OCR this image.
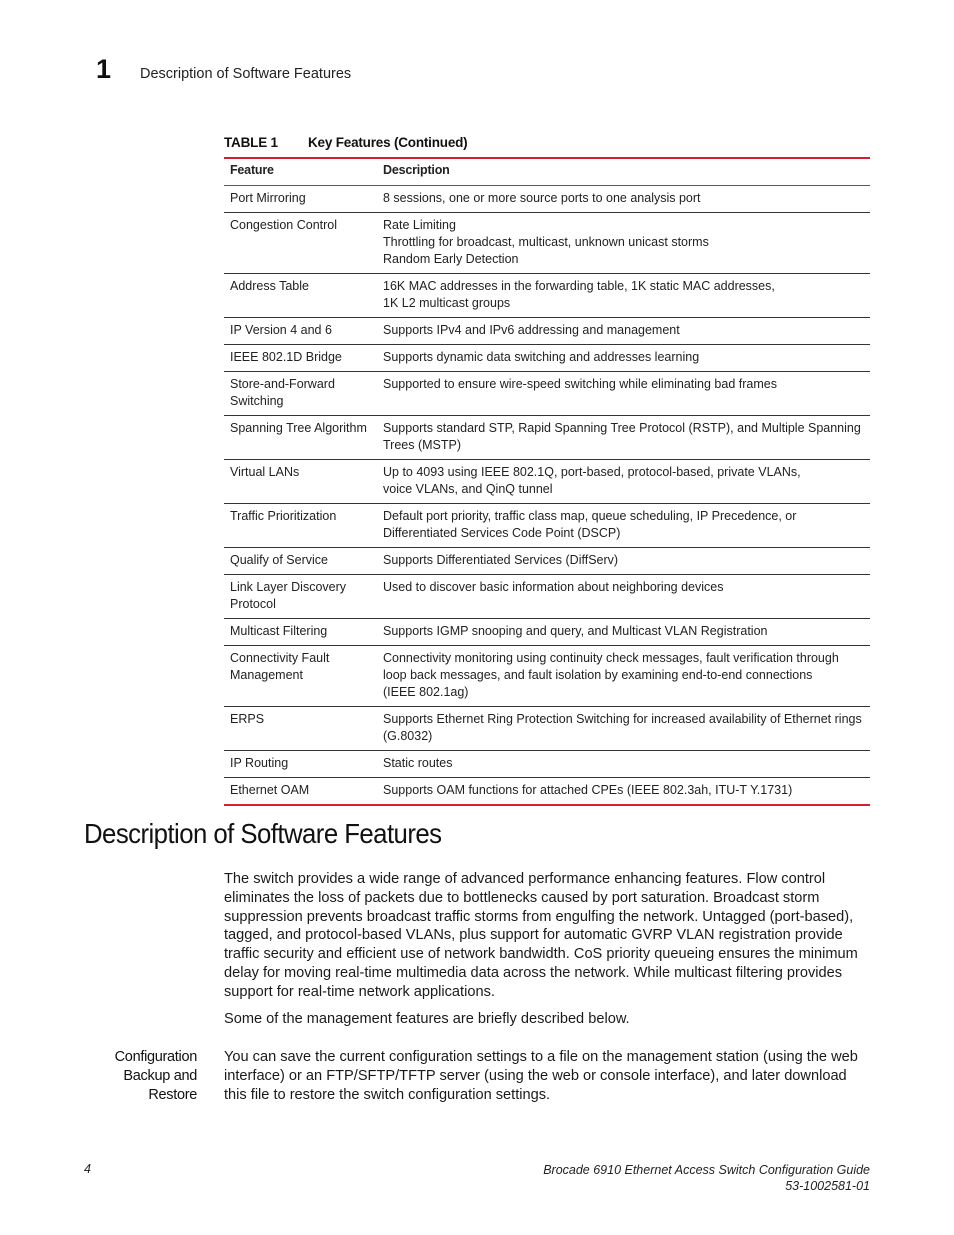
1 Description of Software Features
TABLE 1 Key Features (Continued)
Feature	Description
Port Mirroring	8 sessions, one or more source ports to one analysis port

Congestion Control	Rate Limiting
Throttling for broadcast, multicast, unknown unicast storms
Random Early Detection

Address Table	16K MAC addresses in the forwarding table, 1K static MAC addresses,
1K L2 multicast groups

IP Version 4 and 6	Supports IPv4 and IPv6 addressing and management

IEEE 802.1D Bridge	Supports dynamic data switching and addresses learning

Store-and-Forward Switching	Supported to ensure wire-speed switching while eliminating bad frames

Spanning Tree Algorithm	Supports standard STP, Rapid Spanning Tree Protocol (RSTP), and Multiple Spanning Trees (MSTP)

Virtual LANs	Up to 4093 using IEEE 802.1Q, port-based, protocol-based, private VLANs,
voice VLANs, and QinQ tunnel

Traffic Prioritization	Default port priority, traffic class map, queue scheduling, IP Precedence, or Differentiated Services Code Point (DSCP)

Qualify of Service	Supports Differentiated Services (DiffServ)

Link Layer Discovery Protocol	Used to discover basic information about neighboring devices

Multicast Filtering	Supports IGMP snooping and query, and Multicast VLAN Registration

Connectivity Fault Management	Connectivity monitoring using continuity check messages, fault verification through loop back messages, and fault isolation by examining end-to-end connections
(IEEE 802.1ag)

ERPS	Supports Ethernet Ring Protection Switching for increased availability of Ethernet rings (G.8032)

IP Routing	Static routes

Ethernet OAM	Supports OAM functions for attached CPEs (IEEE 802.3ah, ITU-T Y.1731)
Description of Software Features

The switch provides a wide range of advanced performance enhancing features. Flow control eliminates the loss of packets due to bottlenecks caused by port saturation. Broadcast storm suppression prevents broadcast traffic storms from engulfing the network. Untagged (port-based), tagged, and protocol-based VLANs, plus support for automatic GVRP VLAN registration provide traffic security and efficient use of network bandwidth. CoS priority queueing ensures the minimum delay for moving real-time multimedia data across the network. While multicast filtering provides support for real-time network applications.

Some of the management features are briefly described below.

Configuration
Backup and
Restore

You can save the current configuration settings to a file on the management station (using the web interface) or an FTP/SFTP/TFTP server (using the web or console interface), and later download this file to restore the switch configuration settings.

4	Brocade 6910 Ethernet Access Switch Configuration Guide
53-1002581-01
